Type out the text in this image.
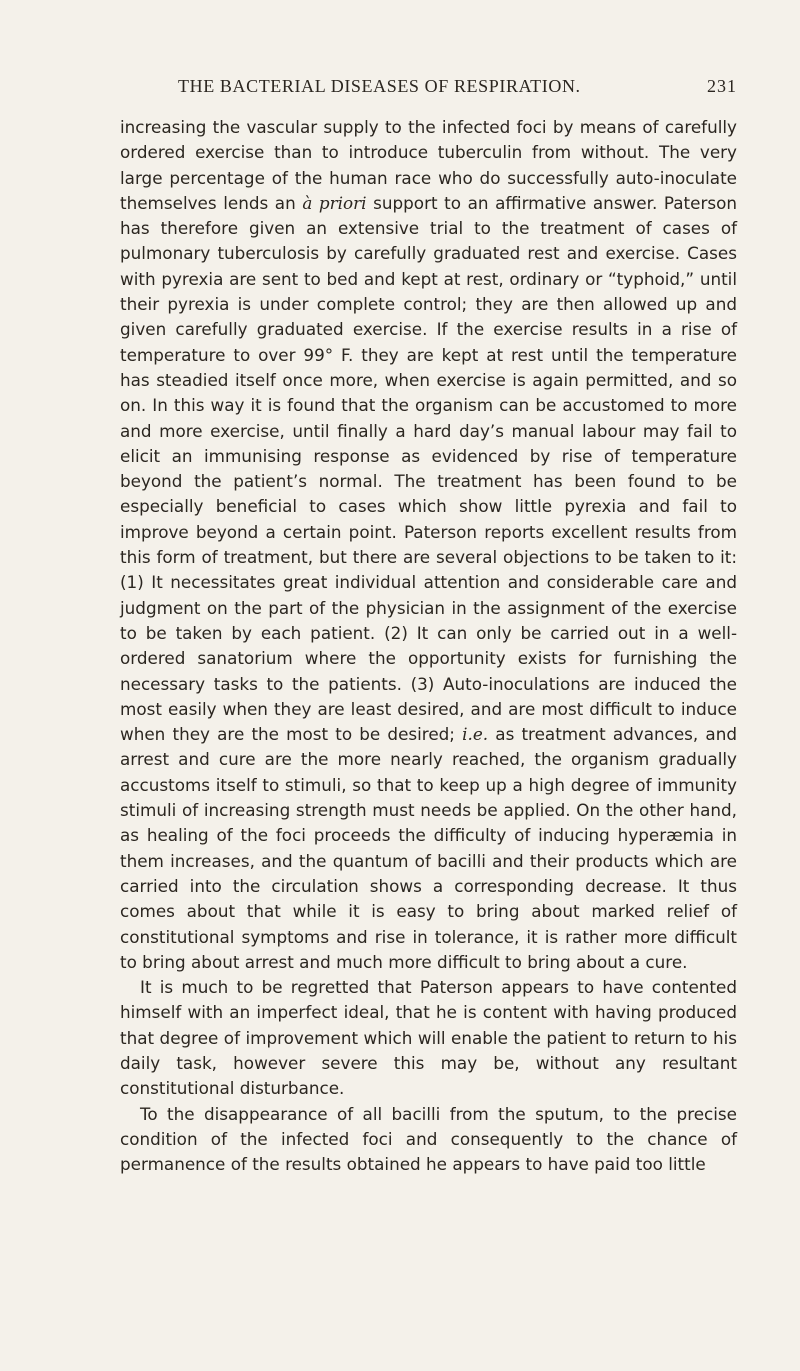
THE BACTERIAL DISEASES OF RESPIRATION.	231

increasing the vascular supply to the infected foci by means of carefully ordered exercise than to introduce tuberculin from without. The very large percentage of the human race who do successfully auto-inoculate themselves lends an à priori support to an affirmative answer. Paterson has therefore given an extensive trial to the treatment of cases of pulmonary tuberculosis by carefully graduated rest and exercise. Cases with pyrexia are sent to bed and kept at rest, ordinary or “typhoid,” until their pyrexia is under complete control; they are then allowed up and given carefully graduated exercise. If the exercise results in a rise of temperature to over 99° F. they are kept at rest until the temperature has steadied itself once more, when exercise is again permitted, and so on. In this way it is found that the organism can be accustomed to more and more exercise, until finally a hard day’s manual labour may fail to elicit an immunising response as evidenced by rise of temperature beyond the patient’s normal. The treatment has been found to be especially beneficial to cases which show little pyrexia and fail to improve beyond a certain point. Paterson reports excellent results from this form of treatment, but there are several objections to be taken to it: (1) It necessitates great individual attention and considerable care and judgment on the part of the physician in the assignment of the exercise to be taken by each patient. (2) It can only be carried out in a well-ordered sanatorium where the opportunity exists for furnishing the necessary tasks to the patients. (3) Auto-inoculations are induced the most easily when they are least desired, and are most difficult to induce when they are the most to be desired; i.e. as treatment advances, and arrest and cure are the more nearly reached, the organism gradually accustoms itself to stimuli, so that to keep up a high degree of immunity stimuli of increasing strength must needs be applied. On the other hand, as healing of the foci proceeds the difficulty of inducing hyperæmia in them increases, and the quantum of bacilli and their products which are carried into the circulation shows a corresponding decrease. It thus comes about that while it is easy to bring about marked relief of constitutional symptoms and rise in tolerance, it is rather more difficult to bring about arrest and much more difficult to bring about a cure.

It is much to be regretted that Paterson appears to have contented himself with an imperfect ideal, that he is content with having produced that degree of improvement which will enable the patient to return to his daily task, however severe this may be, without any resultant constitutional disturbance.

To the disappearance of all bacilli from the sputum, to the precise condition of the infected foci and consequently to the chance of permanence of the results obtained he appears to have paid too little
